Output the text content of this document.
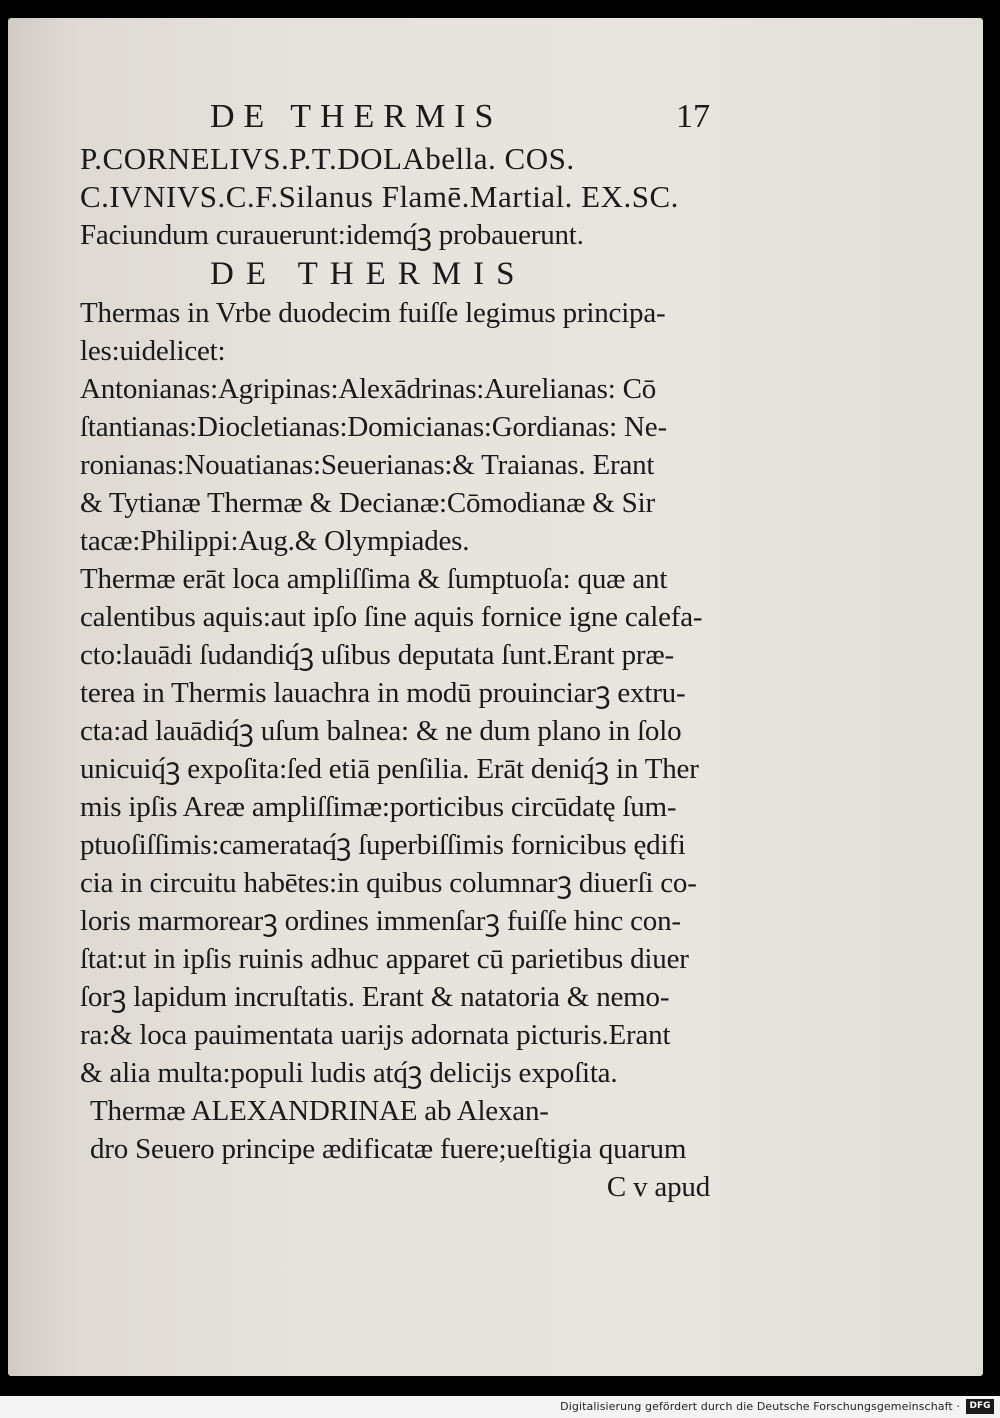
DE THERMIS	17
P.CORNELIVS.P.T.DOLAbella. COS.
C.IVNIVS.C.F.Silanus Flamē.Martial. EX.SC.
Faciundum curauerunt:idemq́ꝫ probauerunt.
DE THERMIS
Thermas in Vrbe duodecim fuiſſe legimus principa‑
les:uidelicet:
Antonianas:Agripinas:Alexādrinas:Aurelianas: Cō
ſtantianas:Diocletianas:Domicianas:Gordianas: Ne‑
ronianas:Nouatianas:Seuerianas:& Traianas. Erant
& Tytianæ Thermæ & Decianæ:Cōmodianæ & Sir
tacæ:Philippi:Aug.& Olympiades.
Thermæ erāt loca ampliſſima & ſumptuoſa: quæ ant
calentibus aquis:aut ipſo ſine aquis fornice igne calefa‑
cto:lauādi ſudandiq́ꝫ uſibus deputata ſunt.Erant præ‑
terea in Thermis lauachra in modū prouinciarꝫ extru‑
cta:ad lauādiq́ꝫ uſum balnea: & ne dum plano in ſolo
unicuiq́ꝫ expoſita:ſed etiā penſilia. Erāt deniq́ꝫ in Ther
mis ipſis Areæ ampliſſimæ:porticibus circūdatę ſum‑
ptuoſiſſimis:camerataq́ꝫ ſuperbiſſimis fornicibus ędifi
cia in circuitu habētes:in quibus columnarꝫ diuerſi co‑
loris marmorearꝫ ordines immenſarꝫ fuiſſe hinc con‑
ſtat:ut in ipſis ruinis adhuc apparet cū parietibus diuer
ſorꝫ lapidum incruſtatis. Erant & natatoria & nemo‑
ra:& loca pauimentata uarijs adornata picturis.Erant
& alia multa:populi ludis atq́ꝫ delicijs expoſita.
Thermæ ALEXANDRINAE ab Alexan‑
dro Seuero principe ædificatæ fuere;ueſtigia quarum
C v apud
Digitalisierung gefördert durch die Deutsche Forschungsgemeinschaft ·	DFG
